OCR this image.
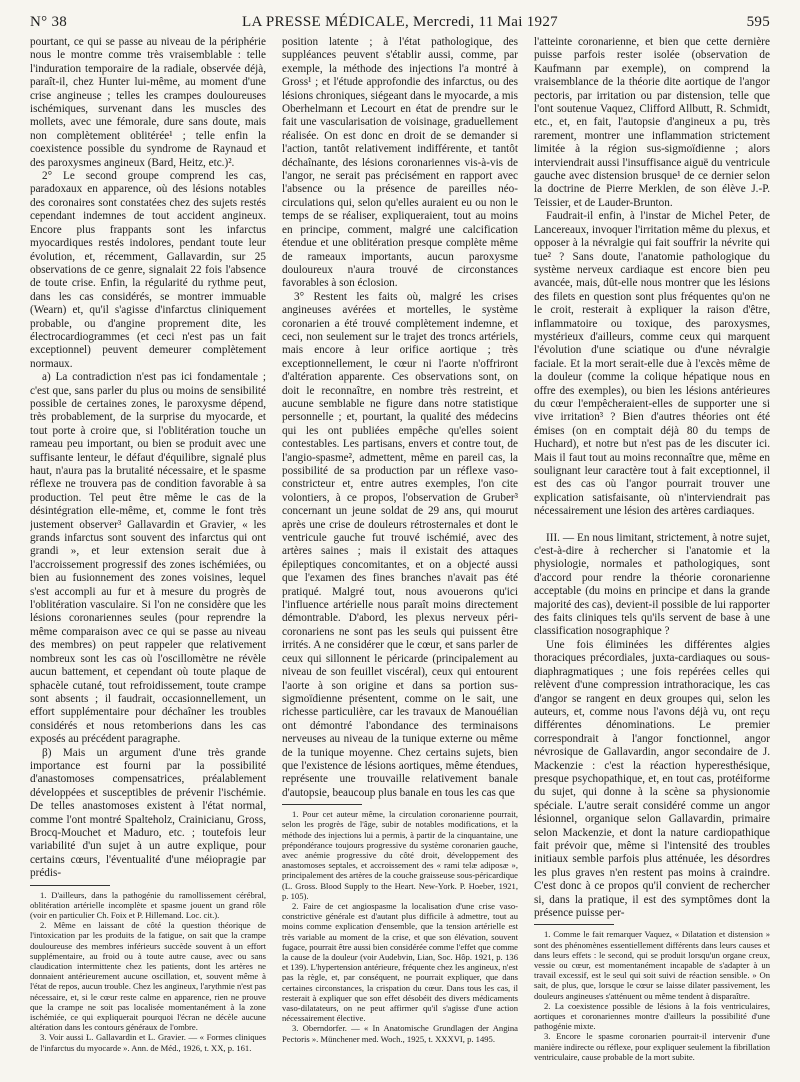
N° 38	LA PRESSE MÉDICALE, Mercredi, 11 Mai 1927	595

pourtant, ce qui se passe au niveau de la périphérie nous le montre comme très vraisemblable : telle l'induration temporaire de la radiale, observée déjà, paraît-il, chez Hunter lui-même, au moment d'une crise angineuse ; telles les crampes douloureuses ischémiques, survenant dans les muscles des mollets, avec une fémorale, dure sans doute, mais non complètement oblitérée¹ ; telle enfin la coexistence possible du syndrome de Raynaud et des paroxysmes angineux (Bard, Heitz, etc.)².

2° Le second groupe comprend les cas, paradoxaux en apparence, où des lésions notables des coronaires sont constatées chez des sujets restés cependant indemnes de tout accident angineux. Encore plus frappants sont les infarctus myocardiques restés indolores, pendant toute leur évolution, et, récemment, Gallavardin, sur 25 observations de ce genre, signalait 22 fois l'absence de toute crise. Enfin, la régularité du rythme peut, dans les cas considérés, se montrer immuable (Wearn) et, qu'il s'agisse d'infarctus cliniquement probable, ou d'angine proprement dite, les électrocardiogrammes (et ceci n'est pas un fait exceptionnel) peuvent demeurer complètement normaux.

a) La contradiction n'est pas ici fondamentale ; c'est que, sans parler du plus ou moins de sensibilité possible de certaines zones, le paroxysme dépend, très probablement, de la surprise du myocarde, et tout porte à croire que, si l'oblitération touche un rameau peu important, ou bien se produit avec une suffisante lenteur, le défaut d'équilibre, signalé plus haut, n'aura pas la brutalité nécessaire, et le spasme réflexe ne trouvera pas de condition favorable à sa production. Tel peut être même le cas de la désintégration elle-même, et, comme le font très justement observer³ Gallavardin et Gravier, « les grands infarctus sont souvent des infarctus qui ont grandi », et leur extension serait due à l'accroissement progressif des zones ischémiées, ou bien au fusionnement des zones voisines, lequel s'est accompli au fur et à mesure du progrès de l'oblitération vasculaire. Si l'on ne considère que les lésions coronariennes seules (pour reprendre la même comparaison avec ce qui se passe au niveau des membres) on peut rappeler que relativement nombreux sont les cas où l'oscillomètre ne révèle aucun battement, et cependant où toute plaque de sphacèle cutané, tout refroidissement, toute crampe sont absents ; il faudrait, occasionnellement, un effort supplémentaire pour déchaîner les troubles considérés et nous retomberions dans les cas exposés au précédent paragraphe.

β) Mais un argument d'une très grande importance est fourni par la possibilité d'anastomoses compensatrices, préalablement développées et susceptibles de prévenir l'ischémie. De telles anastomoses existent à l'état normal, comme l'ont montré Spalteholz, Crainicianu, Gross, Brocq-Mouchet et Maduro, etc. ; toutefois leur variabilité d'un sujet à un autre explique, pour certains cœurs, l'éventualité d'une méiopragie par prédis-

1. D'ailleurs, dans la pathogénie du ramollissement cérébral, oblitération artérielle incomplète et spasme jouent un grand rôle (voir en particulier Ch. Foix et P. Hillemand. Loc. cit.).

2. Même en laissant de côté la question théorique de l'intoxication par les produits de la fatigue, on sait que la crampe douloureuse des membres inférieurs succède souvent à un effort supplémentaire, au froid ou à toute autre cause, avec ou sans claudication intermittente chez les patients, dont les artères ne donnaient antérieurement aucune oscillation, et, souvent même à l'état de repos, aucun trouble. Chez les angineux, l'arythmie n'est pas nécessaire, et, si le cœur reste calme en apparence, rien ne prouve que la crampe ne soit pas localisée momentanément à la zone ischémiée, ce qui expliquerait pourquoi l'écran ne décèle aucune altération dans les contours généraux de l'ombre.

3. Voir aussi L. Gallavardin et L. Gravier. — « Formes cliniques de l'infarctus du myocarde ». Ann. de Méd., 1926, t. XX, p. 161.

position latente ; à l'état pathologique, des suppléances peuvent s'établir aussi, comme, par exemple, la méthode des injections l'a montré à Gross¹ ; et l'étude approfondie des infarctus, ou des lésions chroniques, siégeant dans le myocarde, a mis Oberhelmann et Lecourt en état de prendre sur le fait une vascularisation de voisinage, graduellement réalisée. On est donc en droit de se demander si l'action, tantôt relativement indifférente, et tantôt déchaînante, des lésions coronariennes vis-à-vis de l'angor, ne serait pas précisément en rapport avec l'absence ou la présence de pareilles néo-circulations qui, selon qu'elles auraient eu ou non le temps de se réaliser, expliqueraient, tout au moins en principe, comment, malgré une calcification étendue et une oblitération presque complète même de rameaux importants, aucun paroxysme douloureux n'aura trouvé de circonstances favorables à son éclosion.

3° Restent les faits où, malgré les crises angineuses avérées et mortelles, le système coronarien a été trouvé complètement indemne, et ceci, non seulement sur le trajet des troncs artériels, mais encore à leur orifice aortique ; très exceptionnellement, le cœur ni l'aorte n'offriront d'altération apparente. Ces observations sont, on doit le reconnaître, en nombre très restreint, et aucune semblable ne figure dans notre statistique personnelle ; et, pourtant, la qualité des médecins qui les ont publiées empêche qu'elles soient contestables. Les partisans, envers et contre tout, de l'angio-spasme², admettent, même en pareil cas, la possibilité de sa production par un réflexe vaso-constricteur et, entre autres exemples, l'on cite volontiers, à ce propos, l'observation de Gruber³ concernant un jeune soldat de 29 ans, qui mourut après une crise de douleurs rétrosternales et dont le ventricule gauche fut trouvé ischémié, avec des artères saines ; mais il existait des attaques épileptiques concomitantes, et on a objecté aussi que l'examen des fines branches n'avait pas été pratiqué. Malgré tout, nous avouerons qu'ici l'influence artérielle nous paraît moins directement démontrable. D'abord, les plexus nerveux péri-coronariens ne sont pas les seuls qui puissent être irrités. A ne considérer que le cœur, et sans parler de ceux qui sillonnent le péricarde (principalement au niveau de son feuillet viscéral), ceux qui entourent l'aorte à son origine et dans sa portion sus-sigmoïdienne présentent, comme on le sait, une richesse particulière, car les travaux de Manouélian ont démontré l'abondance des terminaisons nerveuses au niveau de la tunique externe ou même de la tunique moyenne. Chez certains sujets, bien que l'existence de lésions aortiques, même étendues, représente une trouvaille relativement banale d'autopsie, beaucoup plus banale en tous les cas que

1. Pour cet auteur même, la circulation coronarienne pourrait, selon les progrès de l'âge, subir de notables modifications, et la méthode des injections lui a permis, à partir de la cinquantaine, une prépondérance toujours progressive du système coronarien gauche, avec anémie progressive du côté droit, développement des anastomoses septales, et accroissement des « rami telæ adiposæ », principalement des artères de la couche graisseuse sous-péricardique (L. Gross. Blood Supply to the Heart. New-York. P. Hoeber, 1921, p. 105).

2. Faire de cet angiospasme la localisation d'une crise vaso-constrictive générale est d'autant plus difficile à admettre, tout au moins comme explication d'ensemble, que la tension artérielle est très variable au moment de la crise, et que son élévation, souvent fugace, pourrait être aussi bien considérée comme l'effet que comme la cause de la douleur (voir Audebvin, Lian, Soc. Hôp. 1921, p. 136 et 139). L'hypertension antérieure, fréquente chez les angineux, n'est pas la règle, et, par conséquent, ne pourrait expliquer, que dans certaines circonstances, la crispation du cœur. Dans tous les cas, il resterait à expliquer que son effet désobéit des divers médicaments vaso-dilatateurs, on ne peut affirmer qu'il s'agisse d'une action nécessairement élective.

3. Oberndorfer. — « In Anatomische Grundlagen der Angina Pectoris ». Münchener med. Woch., 1925, t. XXXVI, p. 1495.

l'atteinte coronarienne, et bien que cette dernière puisse parfois rester isolée (observation de Kaufmann par exemple), on comprend la vraisemblance de la théorie dite aortique de l'angor pectoris, par irritation ou par distension, telle que l'ont soutenue Vaquez, Clifford Allbutt, R. Schmidt, etc., et, en fait, l'autopsie d'angineux a pu, très rarement, montrer une inflammation strictement limitée à la région sus-sigmoïdienne ; alors interviendrait aussi l'insuffisance aiguë du ventricule gauche avec distension brusque¹ de ce dernier selon la doctrine de Pierre Merklen, de son élève J.-P. Teissier, et de Lauder-Brunton.

Faudrait-il enfin, à l'instar de Michel Peter, de Lancereaux, invoquer l'irritation même du plexus, et opposer à la névralgie qui fait souffrir la névrite qui tue² ? Sans doute, l'anatomie pathologique du système nerveux cardiaque est encore bien peu avancée, mais, dût-elle nous montrer que les lésions des filets en question sont plus fréquentes qu'on ne le croit, resterait à expliquer la raison d'être, inflammatoire ou toxique, des paroxysmes, mystérieux d'ailleurs, comme ceux qui marquent l'évolution d'une sciatique ou d'une névralgie faciale. Et la mort serait-elle due à l'excès même de la douleur (comme la colique hépatique nous en offre des exemples), ou bien les lésions antérieures du cœur l'empêcheraient-elles de supporter une si vive irritation³ ? Bien d'autres théories ont été émises (on en comptait déjà 80 du temps de Huchard), et notre but n'est pas de les discuter ici. Mais il faut tout au moins reconnaître que, même en soulignant leur caractère tout à fait exceptionnel, il est des cas où l'angor pourrait trouver une explication satisfaisante, où n'interviendrait pas nécessairement une lésion des artères cardiaques.

III. — En nous limitant, strictement, à notre sujet, c'est-à-dire à rechercher si l'anatomie et la physiologie, normales et pathologiques, sont d'accord pour rendre la théorie coronarienne acceptable (du moins en principe et dans la grande majorité des cas), devient-il possible de lui rapporter des faits cliniques tels qu'ils servent de base à une classification nosographique ?

Une fois éliminées les différentes algies thoraciques précordiales, juxta-cardiaques ou sous-diaphragmatiques ; une fois repérées celles qui relèvent d'une compression intrathoracique, les cas d'angor se rangent en deux groupes qui, selon les auteurs, et, comme nous l'avons déjà vu, ont reçu différentes dénominations. Le premier correspondrait à l'angor fonctionnel, angor névrosique de Gallavardin, angor secondaire de J. Mackenzie : c'est la réaction hyperesthésique, presque psychopathique, et, en tout cas, protéiforme du sujet, qui donne à la scène sa physionomie spéciale. L'autre serait considéré comme un angor lésionnel, organique selon Gallavardin, primaire selon Mackenzie, et dont la nature cardiopathique fait prévoir que, même si l'intensité des troubles initiaux semble parfois plus atténuée, les désordres les plus graves n'en restent pas moins à craindre. C'est donc à ce propos qu'il convient de rechercher si, dans la pratique, il est des symptômes dont la présence puisse per-

1. Comme le fait remarquer Vaquez, « Dilatation et distension » sont des phénomènes essentiellement différents dans leurs causes et dans leurs effets : le second, qui se produit lorsqu'un organe creux, vessie ou cœur, est momentanément incapable de s'adapter à un travail excessif, est le seul qui soit suivi de réaction sensible. » On sait, de plus, que, lorsque le cœur se laisse dilater passivement, les douleurs angineuses s'atténuent ou même tendent à disparaître.

2. La coexistence possible de lésions à la fois ventriculaires, aortiques et coronariennes montre d'ailleurs la possibilité d'une pathogénie mixte.

3. Encore le spasme coronarien pourrait-il intervenir d'une manière indirecte ou réflexe, pour expliquer seulement la fibrillation ventriculaire, cause probable de la mort subite.
